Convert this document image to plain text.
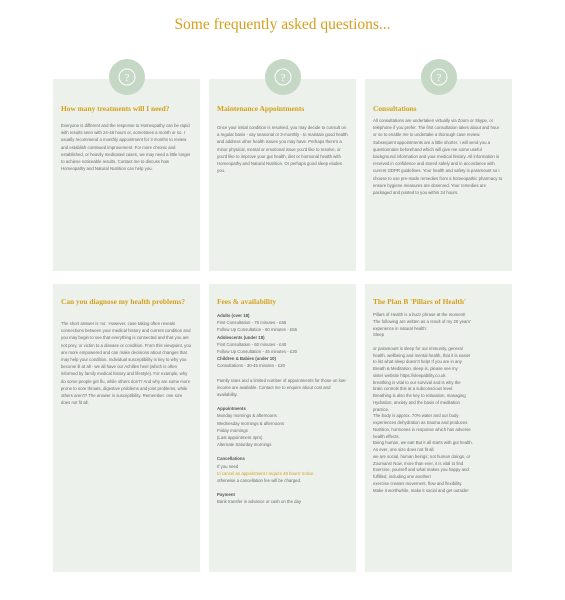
Some frequently asked questions...
?
How many treatments will I need?

Everyone is different and the response to Homeopathy can be rapid with results seen with 24-48 hours or, sometimes a month or so. I usually recommend a monthly appointment for 3 months to review and establish continued improvement. For more chronic and established, or heavily medicated cases, we may need a little longer to achieve noticeable results. Contact me to discuss how Homeopathy and Natural Nutrition can help you.

?
Maintenance Appointments

Once your initial condition is resolved, you may decide to consult on a regular basis - say seasonal or 3-monthly - to maintain good health and address other health issues you may have. Perhaps there's a minor physical, mental or emotional issue you'd like to resolve, or you'd like to improve your gut health, diet or hormonal health with Homeopathy and Natural Nutrition. Or perhaps good sleep eludes you.

?
Consultations

All consultations are undertaken virtually via Zoom or Skype, or telephone if you prefer. The first consultation takes about and hour or so to enable me to undertake a thorough case review. Subsequent appointments are a little shorter. I will send you a questionnaire beforehand which will give me some useful background information and your medical history. All information is received in confidence and stored safely and in accordance with current GDPR guidelines. Your health and safety is paramount so I choose to use pre-made remedies from a homeopathic pharmacy to ensure hygiene measures are observed. Your remedies are packaged and posted to you within 24 hours.

Can you diagnose my health problems?

The short answer is 'no'. However, case taking often reveals connections between your medical history and current condition and you may begin to see that everything is connected and that you are not prey, or victim to a disease or condition. From this viewpoint, you are more empowered and can make decisions about changes that may help your condition. Individual susceptibility is key to why you become ill at all - we all have our Achilles heel (which is often informed by family medical history and lifestyle). For example, why do some people get flu, while others don't? And why are some more prone to sore throats, digestive problems and joint problems, while others aren't? The answer is susceptibility. Remember: one size does not fit all.

Fees & availability
Adults (over 18)
First Consultation - 75 minutes - £65
Follow Up Consultation - 60 minutes - £55
Adolescents (under 18)
First Consultation - 60 minutes - £40
Follow Up Consultation - 45 minutes - £30
Children & Babies (under 10)
Consultations - 30-45 minutes - £20
Family rates and a limited number of appointments for those on low-income are available. Contact me to enquire about cost and availability.
Appointments
Monday mornings & afternoons
Wednesday mornings & afternoons
Friday mornings
(Last appointment 4pm)
Alternate Saturday mornings
Cancellations
If you need
to cancel an appointment I require 48 hours' notice
otherwise a cancellation fee will be charged.
Payment
Bank transfer in advance or cash on the day
The Plan B 'Pillars of Health'
Pillars of Health is a buzz phrase at the moment!
The following are written as a result of my 20 years'
experience in natural health:
Sleep
or paramount is sleep for our immunity, general
health, wellbeing and mental health, that it is easier
to list what sleep doesn't help! If you are in any
Breath & Meditation, sleep is, please see my
sister website https://sleepability.co.uk
breathing is vital to our survival and is why the
brain controls this at a subconscious level.
Breathing is also the key to relaxation, managing
Hydration, anxiety and the basis of meditation
practice.
The body is approx. 70% water and our body
experiences dehydration as trauma and produces
Nutrition, hormones in response which has adverse
health effects.
Being human, we eat! But it all starts with gut health.
As ever, one size does not fit all.
we are social, human beings; not human doings, or
Zoomans! Now, more than ever, it is vital to find
Exercise, yourself and what makes you happy and
fulfilled, including one another!
exercise creates movement, flow and flexibility.
Make it worthwhile, make it social and get outside!
